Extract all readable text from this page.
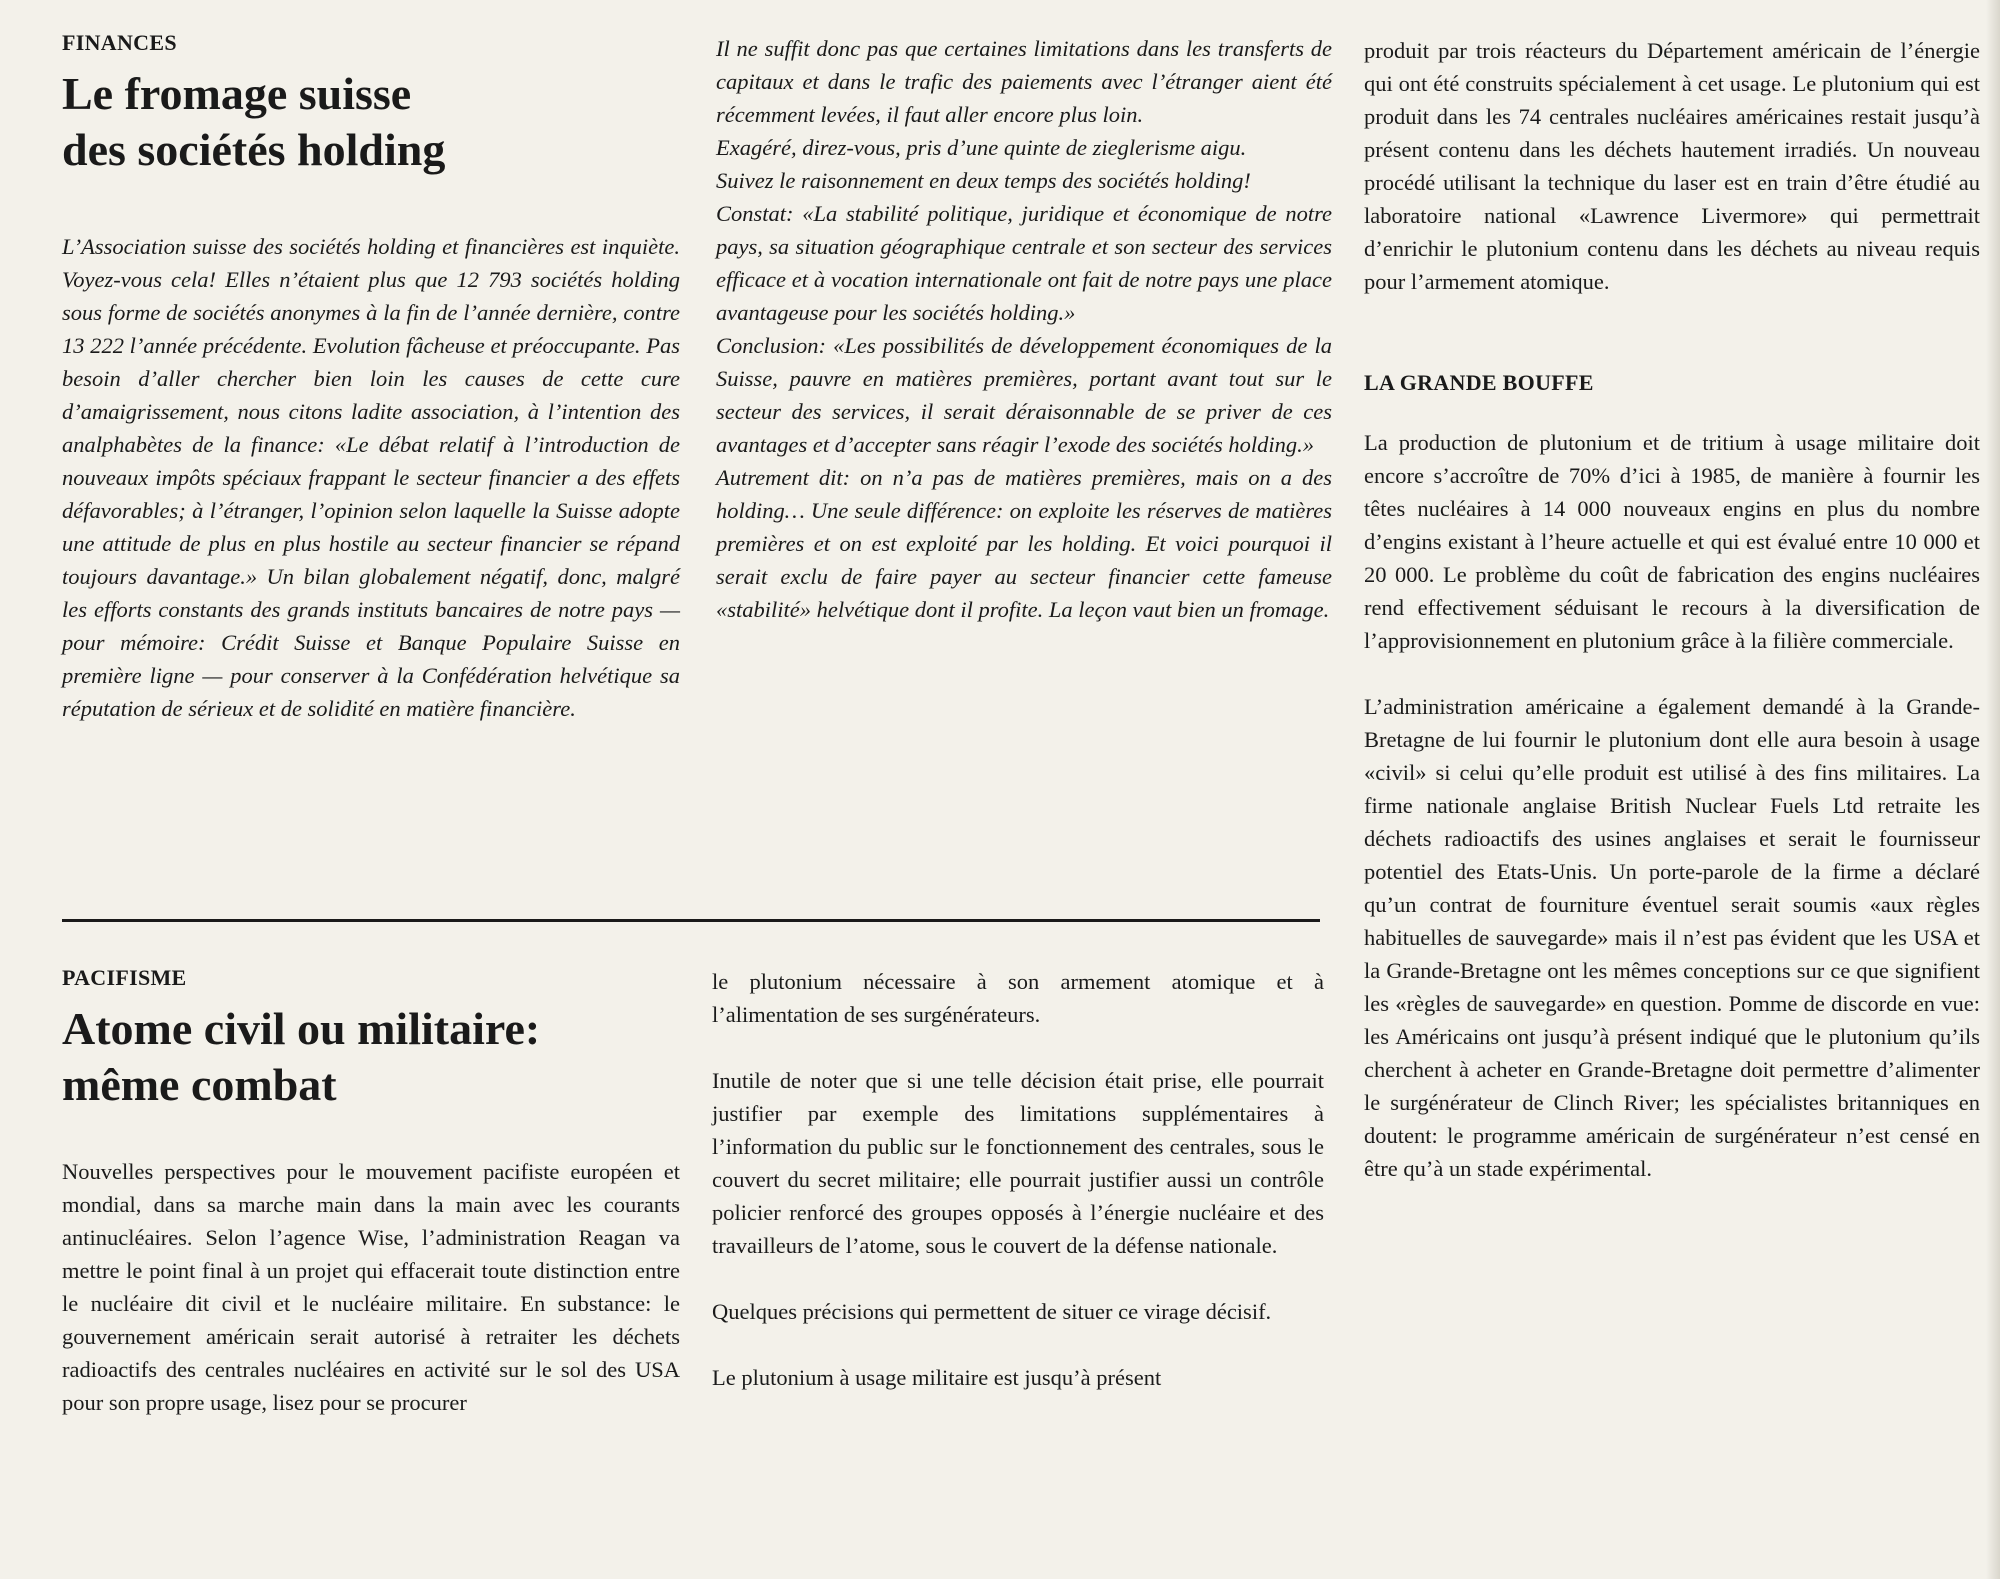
FINANCES
Le fromage suisse
des sociétés holding

L’Association suisse des sociétés holding et financières est inquiète. Voyez-vous cela! Elles n’étaient plus que 12 793 sociétés holding sous forme de sociétés anonymes à la fin de l’année dernière, contre 13 222 l’année précédente. Evolution fâcheuse et préoccupante. Pas besoin d’aller chercher bien loin les causes de cette cure d’amaigrissement, nous citons ladite association, à l’intention des analphabètes de la finance: «Le débat relatif à l’introduction de nouveaux impôts spéciaux frappant le secteur financier a des effets défavorables; à l’étranger, l’opinion selon laquelle la Suisse adopte une attitude de plus en plus hostile au secteur financier se répand toujours davantage.» Un bilan globalement négatif, donc, malgré les efforts constants des grands instituts bancaires de notre pays — pour mémoire: Crédit Suisse et Banque Populaire Suisse en première ligne — pour conserver à la Confédération helvétique sa réputation de sérieux et de solidité en matière financière.

Il ne suffit donc pas que certaines limitations dans les transferts de capitaux et dans le trafic des paiements avec l’étranger aient été récemment levées, il faut aller encore plus loin.

Exagéré, direz-vous, pris d’une quinte de zieglerisme aigu.

Suivez le raisonnement en deux temps des sociétés holding!

Constat: «La stabilité politique, juridique et économique de notre pays, sa situation géographique centrale et son secteur des services efficace et à vocation internationale ont fait de notre pays une place avantageuse pour les sociétés holding.»

Conclusion: «Les possibilités de développement économiques de la Suisse, pauvre en matières premières, portant avant tout sur le secteur des services, il serait déraisonnable de se priver de ces avantages et d’accepter sans réagir l’exode des sociétés holding.»

Autrement dit: on n’a pas de matières premières, mais on a des holding… Une seule différence: on exploite les réserves de matières premières et on est exploité par les holding. Et voici pourquoi il serait exclu de faire payer au secteur financier cette fameuse «stabilité» helvétique dont il profite. La leçon vaut bien un fromage.

PACIFISME
Atome civil ou militaire:
même combat

Nouvelles perspectives pour le mouvement pacifiste européen et mondial, dans sa marche main dans la main avec les courants antinucléaires. Selon l’agence Wise, l’administration Reagan va mettre le point final à un projet qui effacerait toute distinction entre le nucléaire dit civil et le nucléaire militaire. En substance: le gouvernement américain serait autorisé à retraiter les déchets radioactifs des centrales nucléaires en activité sur le sol des USA pour son propre usage, lisez pour se procurer

le plutonium nécessaire à son armement atomique et à l’alimentation de ses surgénérateurs.

Inutile de noter que si une telle décision était prise, elle pourrait justifier par exemple des limitations supplémentaires à l’information du public sur le fonctionnement des centrales, sous le couvert du secret militaire; elle pourrait justifier aussi un contrôle policier renforcé des groupes opposés à l’énergie nucléaire et des travailleurs de l’atome, sous le couvert de la défense nationale.

Quelques précisions qui permettent de situer ce virage décisif.

Le plutonium à usage militaire est jusqu’à présent

produit par trois réacteurs du Département américain de l’énergie qui ont été construits spécialement à cet usage. Le plutonium qui est produit dans les 74 centrales nucléaires américaines restait jusqu’à présent contenu dans les déchets hautement irradiés. Un nouveau procédé utilisant la technique du laser est en train d’être étudié au laboratoire national «Lawrence Livermore» qui permettrait d’enrichir le plutonium contenu dans les déchets au niveau requis pour l’armement atomique.

LA GRANDE BOUFFE

La production de plutonium et de tritium à usage militaire doit encore s’accroître de 70% d’ici à 1985, de manière à fournir les têtes nucléaires à 14 000 nouveaux engins en plus du nombre d’engins existant à l’heure actuelle et qui est évalué entre 10 000 et 20 000. Le problème du coût de fabrication des engins nucléaires rend effectivement séduisant le recours à la diversification de l’approvisionnement en plutonium grâce à la filière commerciale.

L’administration américaine a également demandé à la Grande-Bretagne de lui fournir le plutonium dont elle aura besoin à usage «civil» si celui qu’elle produit est utilisé à des fins militaires. La firme nationale anglaise British Nuclear Fuels Ltd retraite les déchets radioactifs des usines anglaises et serait le fournisseur potentiel des Etats-Unis. Un porte-parole de la firme a déclaré qu’un contrat de fourniture éventuel serait soumis «aux règles habituelles de sauvegarde» mais il n’est pas évident que les USA et la Grande-Bretagne ont les mêmes conceptions sur ce que signifient les «règles de sauvegarde» en question. Pomme de discorde en vue: les Américains ont jusqu’à présent indiqué que le plutonium qu’ils cherchent à acheter en Grande-Bretagne doit permettre d’alimenter le surgénérateur de Clinch River; les spécialistes britanniques en doutent: le programme américain de surgénérateur n’est censé en être qu’à un stade expérimental.
